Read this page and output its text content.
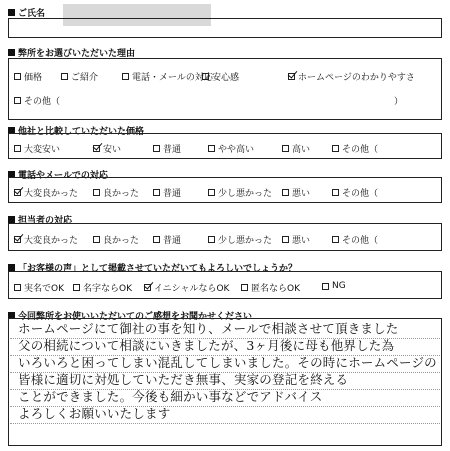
ご氏名
弊所をお選びいただいた理由
価格	ご紹介	電話・メールの対応 安心感	ホームページのわかりやすさ
その他（	）
他社と比較していただいた価格
大変安い	安い	普通	やや高い	高い	その他（
電話やメールでの対応
大変良かった	良かった	普通	少し悪かった 悪い	その他（
担当者の対応
大変良かった	良かった	普通	少し悪かった 悪い	その他（
「お客様の声」として掲載させていただいてもよろしいでしょうか？
実名でOK 名字ならOK イニシャルならOK 匿名ならOK	NG
今回弊所をお使いいただいてのご感想をお聞かせください
ホームページにて御社の事を知り、メールで相談させて頂きました
父の相続について相談にいきましたが、3ヶ月後に母も他界した為
いろいろと困ってしまい混乱してしまいました。その時にホームページの
皆様に適切に対処していただき無事、実家の登記を終える
ことができました。今後も細かい事などでアドバイス
よろしくお願いいたします
